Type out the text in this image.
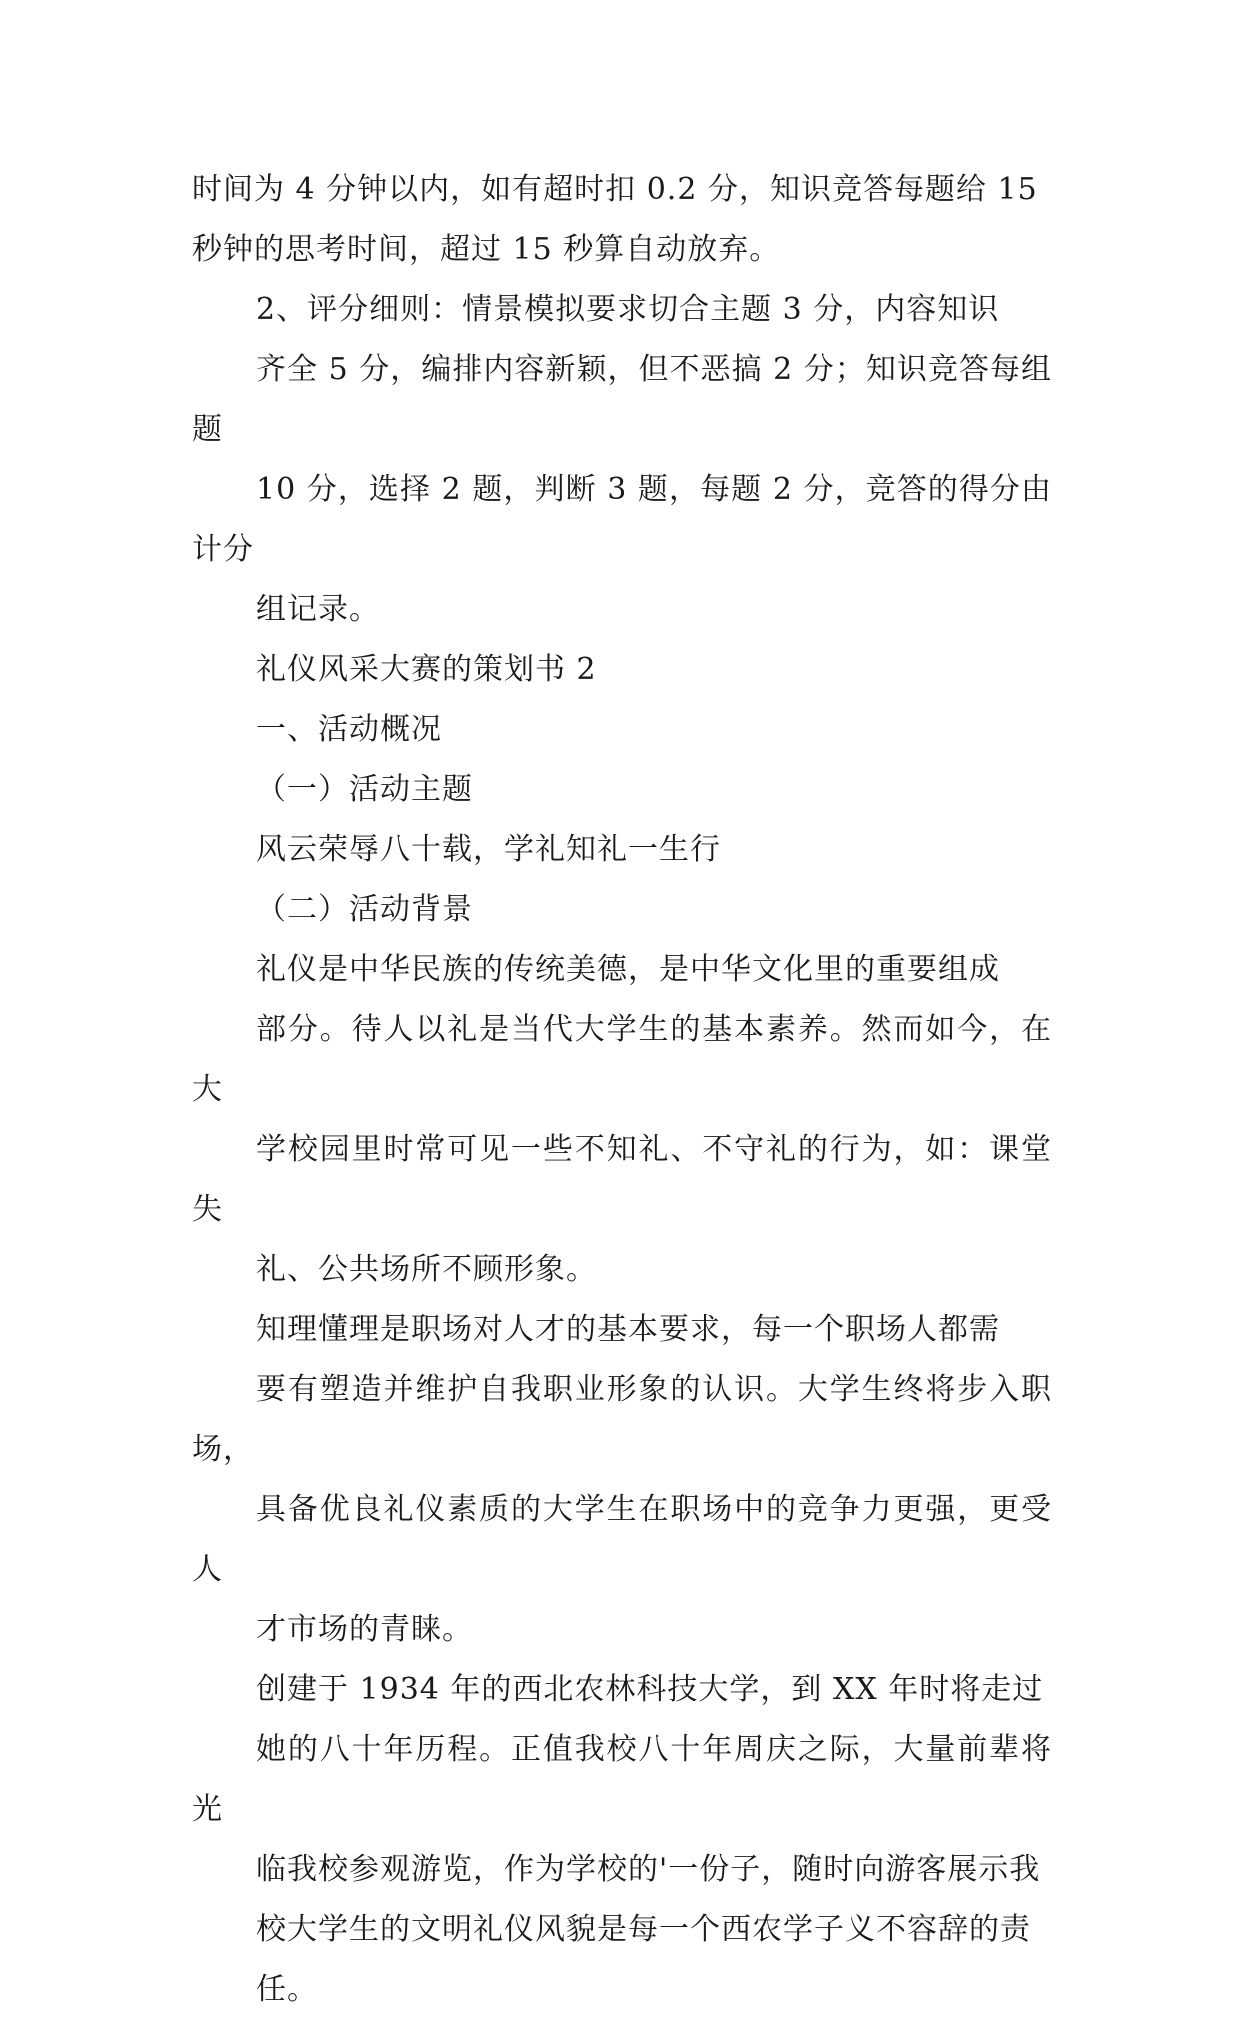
时间为 4 分钟以内，如有超时扣 0.2 分，知识竞答每题给 15
秒钟的思考时间，超过 15 秒算自动放弃。

2、评分细则：情景模拟要求切合主题 3 分，内容知识
齐全 5 分，编排内容新颖，但不恶搞 2 分；知识竞答每组题
10 分，选择 2 题，判断 3 题，每题 2 分，竞答的得分由计分
组记录。

礼仪风采大赛的策划书 2

一、活动概况

（一）活动主题

风云荣辱八十载，学礼知礼一生行

（二）活动背景

礼仪是中华民族的传统美德，是中华文化里的重要组成
部分。待人以礼是当代大学生的基本素养。然而如今，在大
学校园里时常可见一些不知礼、不守礼的行为，如：课堂失
礼、公共场所不顾形象。

知理懂理是职场对人才的基本要求，每一个职场人都需
要有塑造并维护自我职业形象的认识。大学生终将步入职场，
具备优良礼仪素质的大学生在职场中的竞争力更强，更受人
才市场的青睐。

创建于 1934 年的西北农林科技大学，到 XX 年时将走过
她的八十年历程。正值我校八十年周庆之际，大量前辈将光
临我校参观游览，作为学校的'一份子，随时向游客展示我
校大学生的文明礼仪风貌是每一个西农学子义不容辞的责
任。
